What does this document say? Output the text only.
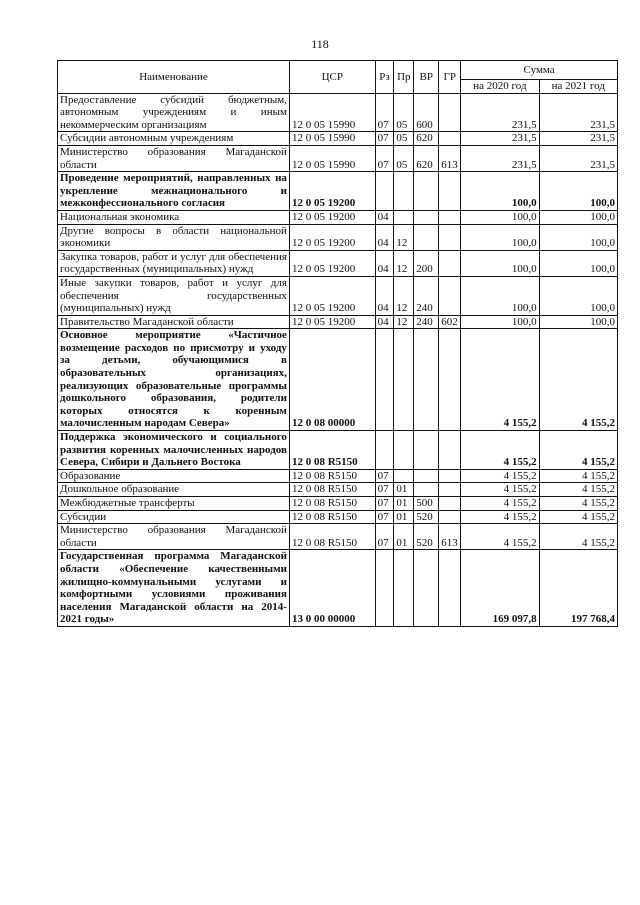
118
Наименование	ЦСР	Рз	Пр	ВР	ГР	Сумма	
						на 2020 год	на 2021 год
Предоставление субсидий бюджетным, автономным учреждениям и иным некоммерческим организациям	12 0 05 15990	07	05	600		231,5	231,5
Субсидии автономным учреждениям	12 0 05 15990	07	05	620		231,5	231,5
Министерство образования Магаданской области	12 0 05 15990	07	05	620	613	231,5	231,5
Проведение мероприятий, направленных на укрепление межнационального и межконфессионального согласия	12 0 05 19200					100,0	100,0
Национальная экономика	12 0 05 19200	04				100,0	100,0
Другие вопросы в области национальной экономики	12 0 05 19200	04	12			100,0	100,0
Закупка товаров, работ и услуг для обеспечения государственных (муниципальных) нужд	12 0 05 19200	04	12	200		100,0	100,0
Иные закупки товаров, работ и услуг для обеспечения государственных (муниципальных) нужд	12 0 05 19200	04	12	240		100,0	100,0
Правительство Магаданской области	12 0 05 19200	04	12	240	602	100,0	100,0
Основное мероприятие «Частичное возмещение расходов по присмотру и уходу за детьми, обучающимися в образовательных организациях, реализующих образовательные программы дошкольного образования, родители которых относятся к коренным малочисленным народам Севера»	12 0 08 00000					4 155,2	4 155,2
Поддержка экономического и социального развития коренных малочисленных народов Севера, Сибири и Дальнего Востока	12 0 08 R5150					4 155,2	4 155,2
Образование	12 0 08 R5150	07				4 155,2	4 155,2
Дошкольное образование	12 0 08 R5150	07	01			4 155,2	4 155,2
Межбюджетные трансферты	12 0 08 R5150	07	01	500		4 155,2	4 155,2
Субсидии	12 0 08 R5150	07	01	520		4 155,2	4 155,2
Министерство образования Магаданской области	12 0 08 R5150	07	01	520	613	4 155,2	4 155,2
Государственная программа Магаданской области «Обеспечение качественными жилищно-коммунальными услугами и комфортными условиями проживания населения Магаданской области на 2014-2021 годы»	13 0 00 00000					169 097,8	197 768,4
